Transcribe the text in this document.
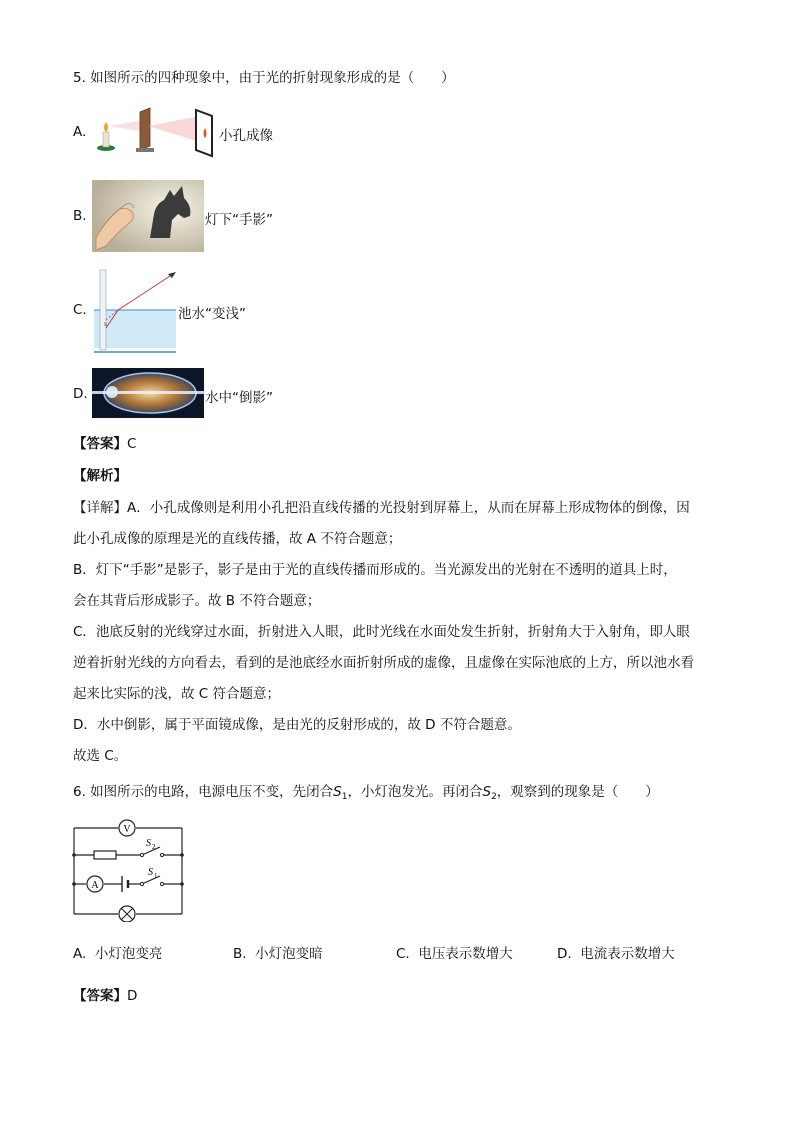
5. 如图所示的四种现象中，由于光的折射现象形成的是（　　）
A.	小孔成像
B.	灯下“手影”
C.
s
池水“变浅”
D.	水中“倒影”
【答案】C
【解析】
【详解】A．小孔成像则是利用小孔把沿直线传播的光投射到屏幕上，从而在屏幕上形成物体的倒像，因
此小孔成像的原理是光的直线传播，故 A 不符合题意；
B．灯下“手影”是影子，影子是由于光的直线传播而形成的。当光源发出的光射在不透明的道具上时，
会在其背后形成影子。故 B 不符合题意；
C．池底反射的光线穿过水面，折射进入人眼，此时光线在水面处发生折射，折射角大于入射角，即人眼
逆着折射光线的方向看去，看到的是池底经水面折射所成的虚像，且虚像在实际池底的上方，所以池水看
起来比实际的浅，故 C 符合题意；
D．水中倒影，属于平面镜成像，是由光的反射形成的，故 D 不符合题意。
故选 C。
6. 如图所示的电路，电源电压不变，先闭合$S_1$，小灯泡发光。再闭合$S_2$，观察到的现象是（　　）
V
A
S 2
S 1
A. 小灯泡变亮	B. 小灯泡变暗	C. 电压表示数增大	D. 电流表示数增大
【答案】D
